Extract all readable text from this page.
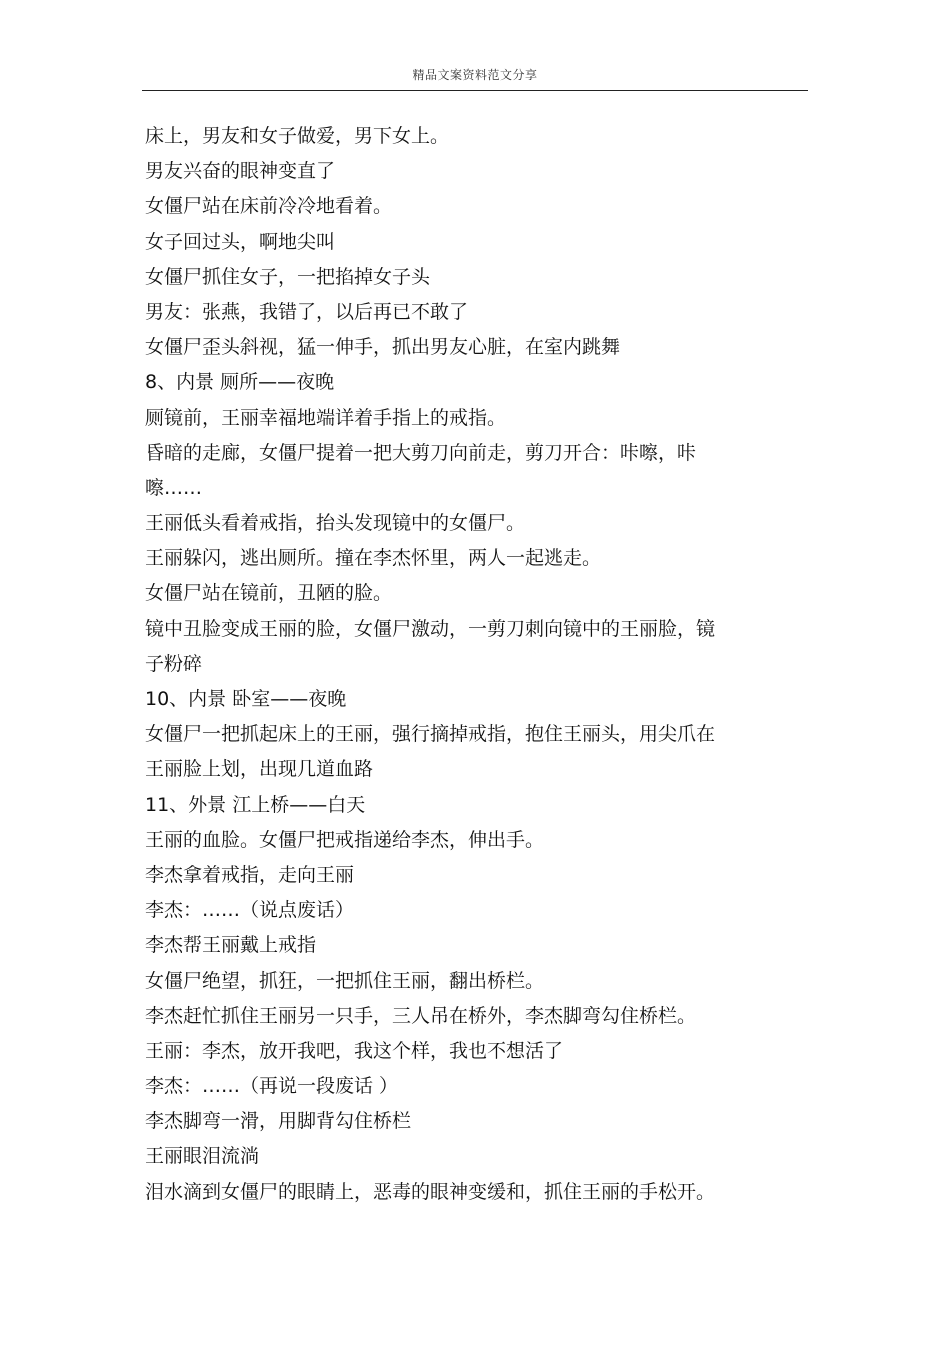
精品文案资料范文分享
床上，男友和女子做爱，男下女上。
男友兴奋的眼神变直了
女僵尸站在床前冷冷地看着。
女子回过头，啊地尖叫
女僵尸抓住女子，一把掐掉女子头
男友：张燕，我错了，以后再已不敢了
女僵尸歪头斜视，猛一伸手，抓出男友心脏，在室内跳舞
8、内景 厕所——夜晚
厕镜前，王丽幸福地端详着手指上的戒指。
昏暗的走廊，女僵尸提着一把大剪刀向前走，剪刀开合：咔嚓，咔
嚓……
王丽低头看着戒指，抬头发现镜中的女僵尸。
王丽躲闪，逃出厕所。撞在李杰怀里，两人一起逃走。
女僵尸站在镜前，丑陋的脸。
镜中丑脸变成王丽的脸，女僵尸激动，一剪刀刺向镜中的王丽脸，镜
子粉碎
10、内景 卧室——夜晚
女僵尸一把抓起床上的王丽，强行摘掉戒指，抱住王丽头，用尖爪在
王丽脸上划，出现几道血路
11、外景 江上桥——白天
王丽的血脸。女僵尸把戒指递给李杰，伸出手。
李杰拿着戒指，走向王丽
李杰：……（说点废话）
李杰帮王丽戴上戒指
女僵尸绝望，抓狂，一把抓住王丽，翻出桥栏。
李杰赶忙抓住王丽另一只手，三人吊在桥外，李杰脚弯勾住桥栏。
王丽：李杰，放开我吧，我这个样，我也不想活了
李杰：……（再说一段废话 ）
李杰脚弯一滑，用脚背勾住桥栏
王丽眼泪流淌
泪水滴到女僵尸的眼睛上，恶毒的眼神变缓和，抓住王丽的手松开。
